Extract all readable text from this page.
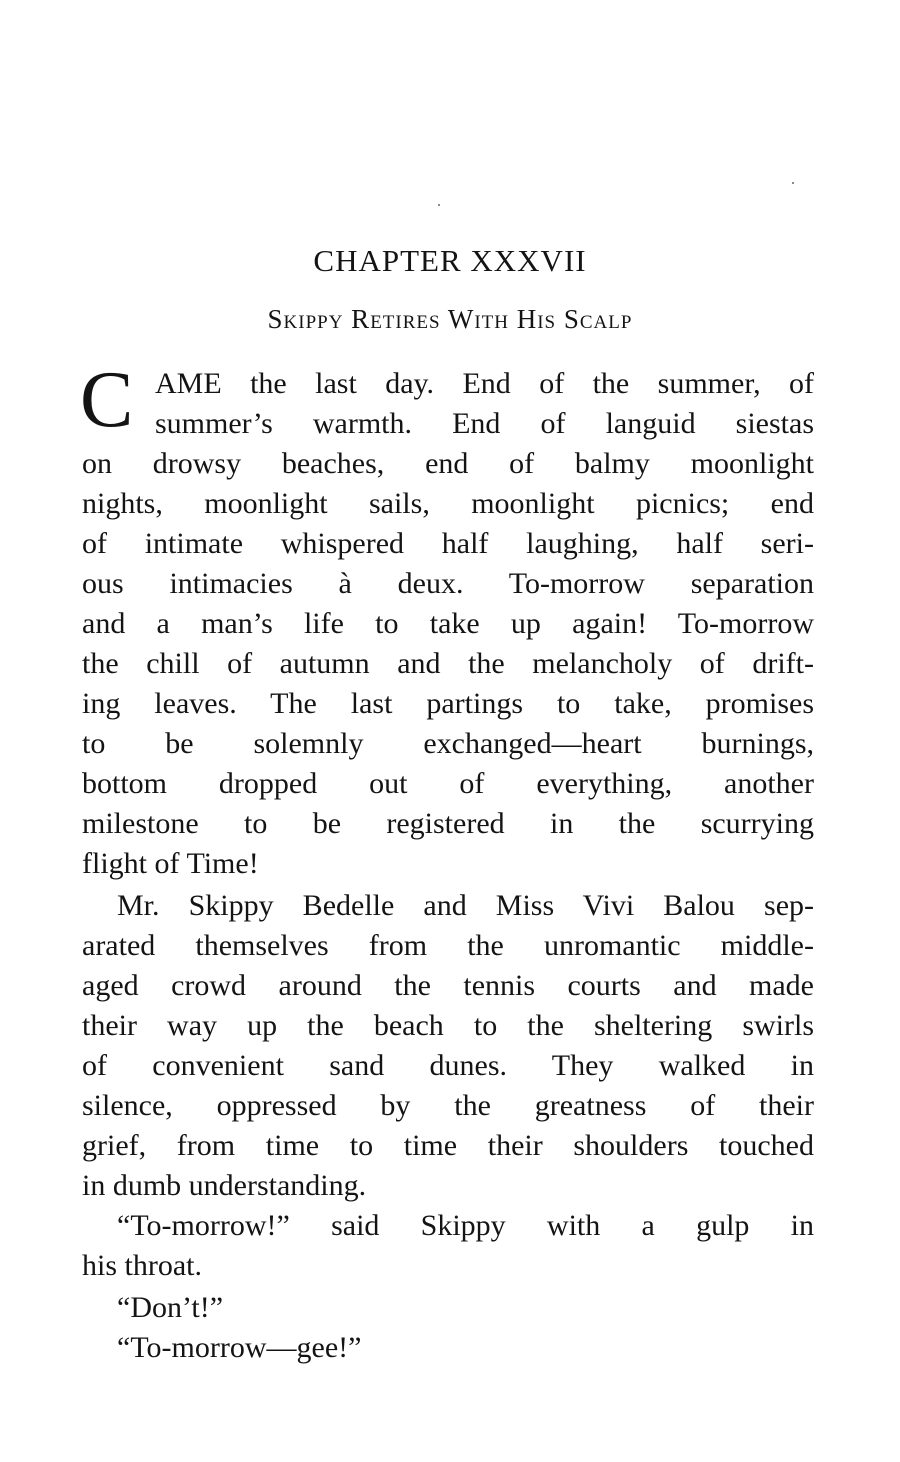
CHAPTER XXXVII
Skippy Retires With His Scalp
C AME the last day. End of the summer, of
summer’s warmth. End of languid siestas
on drowsy beaches, end of balmy moonlight
nights, moonlight sails, moonlight picnics; end
of intimate whispered half laughing, half seri-
ous intimacies à deux. To-morrow separation
and a man’s life to take up again! To-morrow
the chill of autumn and the melancholy of drift-
ing leaves. The last partings to take, promises
to be solemnly exchanged—heart burnings,
bottom dropped out of everything, another
milestone to be registered in the scurrying
flight of Time!
Mr. Skippy Bedelle and Miss Vivi Balou sep-
arated themselves from the unromantic middle-
aged crowd around the tennis courts and made
their way up the beach to the sheltering swirls
of convenient sand dunes. They walked in
silence, oppressed by the greatness of their
grief, from time to time their shoulders touched
in dumb understanding.
“To-morrow!” said Skippy with a gulp in
his throat.
“Don’t!”
“To-morrow—gee!”
